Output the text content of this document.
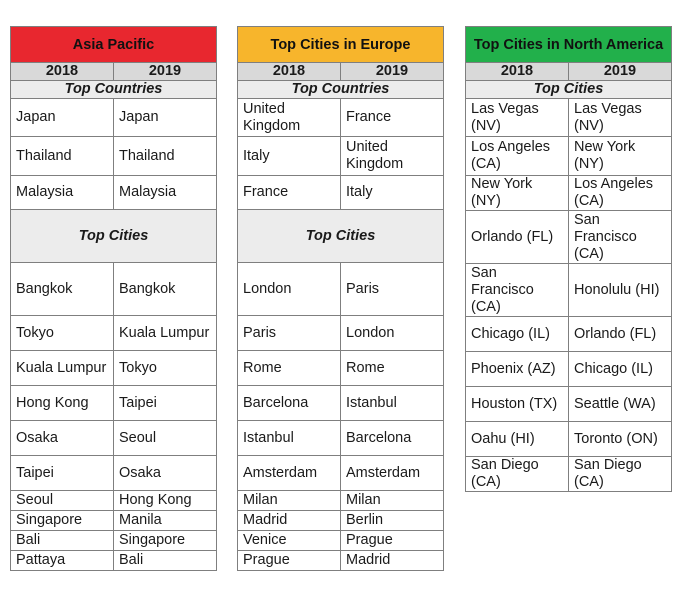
Asia Pacific	
2018	2019
Top Countries	
Japan	Japan
Thailand	Thailand
Malaysia	Malaysia
Top Cities	
Bangkok	Bangkok
Tokyo	Kuala Lumpur
Kuala Lumpur	Tokyo
Hong Kong	Taipei
Osaka	Seoul
Taipei	Osaka
Seoul	Hong Kong
Singapore	Manila
Bali	Singapore
Pattaya	Bali
Top Cities in Europe	
2018	2019
Top Countries	
United Kingdom	France
Italy	United Kingdom
France	Italy
Top Cities	
London	Paris
Paris	London
Rome	Rome
Barcelona	Istanbul
Istanbul	Barcelona
Amsterdam	Amsterdam
Milan	Milan
Madrid	Berlin
Venice	Prague
Prague	Madrid
Top Cities in North America	
2018	2019
Top Cities	
Las Vegas (NV)	Las Vegas (NV)
Los Angeles (CA)	New York (NY)
New York (NY)	Los Angeles (CA)
Orlando (FL)	San Francisco (CA)
San Francisco (CA)	Honolulu (HI)
Chicago (IL)	Orlando (FL)
Phoenix (AZ)	Chicago (IL)
Houston (TX)	Seattle (WA)
Oahu (HI)	Toronto (ON)
San Diego (CA)	San Diego (CA)
